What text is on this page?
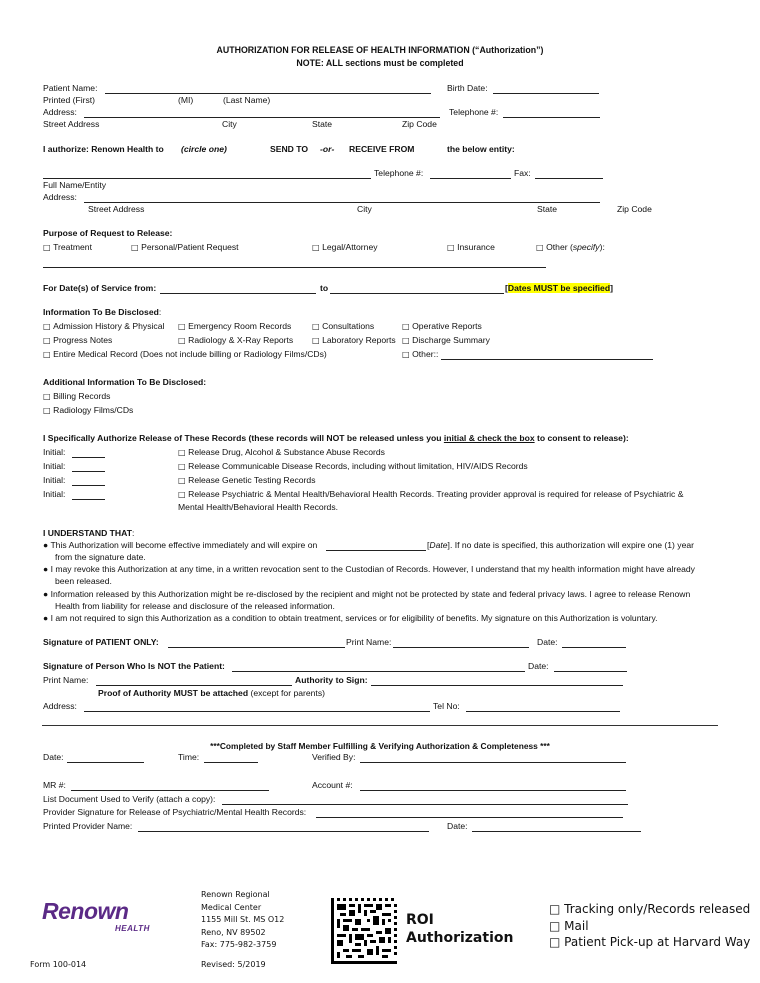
AUTHORIZATION FOR RELEASE OF HEALTH INFORMATION (“Authorization”)
NOTE: ALL sections must be completed
Patient Name:	Birth Date:
Printed (First)	(MI)	(Last Name)
Address:	Telephone #:
Street Address	City	State	Zip Code
I authorize: Renown Health to (circle one)	SEND TO -or- RECEIVE FROM	the below entity:
Telephone #:	Fax:
Full Name/Entity
Address:
Street Address	City	State	Zip Code
Purpose of Request to Release:
□ Treatment	□ Personal/Patient Request	□ Legal/Attorney	□ Insurance	□ Other (specify):
For Date(s) of Service from:	to	[Dates MUST be specified]
Information To Be Disclosed:
□ Admission History & Physical □ Emergency Room Records	□ Consultations	□ Operative Reports
□ Progress Notes	□ Radiology & X-Ray Reports □ Laboratory Reports □ Discharge Summary
□ Entire Medical Record (Does not include billing or Radiology Films/CDs)	□ Other::
Additional Information To Be Disclosed:
□ Billing Records
□ Radiology Films/CDs
I Specifically Authorize Release of These Records (these records will NOT be released unless you initial & check the box to consent to release):
Initial:	□ Release Drug, Alcohol & Substance Abuse Records
Initial:	□ Release Communicable Disease Records, including without limitation, HIV/AIDS Records
Initial:	□ Release Genetic Testing Records
Initial:	□ Release Psychiatric & Mental Health/Behavioral Health Records. Treating provider approval is required for release of Psychiatric &
Mental Health/Behavioral Health Records.
I UNDERSTAND THAT:
● This Authorization will become effective immediately and will expire on	[Date]. If no date is specified, this authorization will expire one (1) year
from the signature date.
● I may revoke this Authorization at any time, in a written revocation sent to the Custodian of Records. However, I understand that my health information might have already
been released.
● Information released by this Authorization might be re-disclosed by the recipient and might not be protected by state and federal privacy laws. I agree to release Renown
Health from liability for release and disclosure of the released information.
● I am not required to sign this Authorization as a condition to obtain treatment, services or for eligibility of benefits. My signature on this Authorization is voluntary.
Signature of PATIENT ONLY:	Print Name:	Date:
Signature of Person Who Is NOT the Patient:	Date:
Print Name:	Authority to Sign:
Proof of Authority MUST be attached (except for parents)
Address:	Tel No:
***Completed by Staff Member Fulfilling & Verifying Authorization & Completeness ***
Date:	Time:	Verified By:
MR #:	Account #:
List Document Used to Verify (attach a copy):
Provider Signature for Release of Psychiatric/Mental Health Records:
Printed Provider Name:	Date:
Renown
HEALTH
Renown Regional
Medical Center
1155 Mill St. MS O12
Reno, NV 89502
Fax: 775-982-3759
ROI
Authorization
□ Tracking only/Records released
□ Mail
□ Patient Pick-up at Harvard Way
Form 100-014	Revised: 5/2019
